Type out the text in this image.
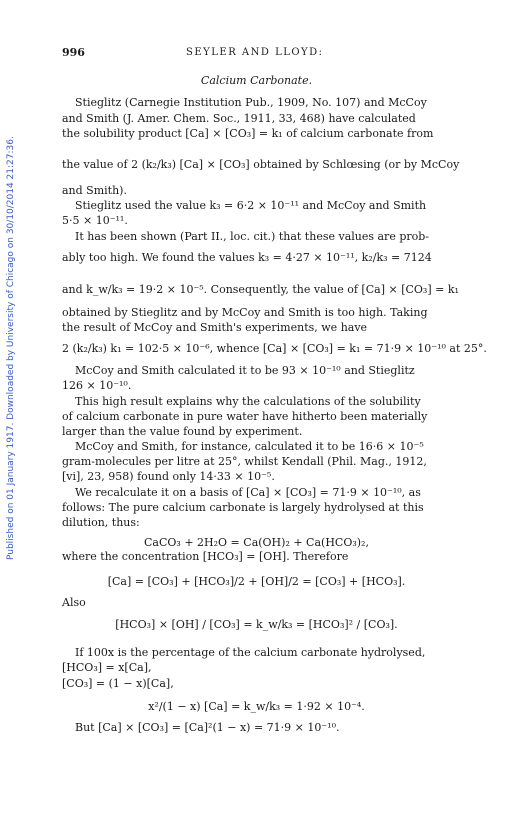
Published on 01 January 1917. Downloaded by University of Chicago on 30/10/2014 21:27:36.
996	SEYLER AND LLOYD:
Calcium Carbonate.
Stieglitz (Carnegie Institution Pub., 1909, No. 107) and McCoy
and Smith (J. Amer. Chem. Soc., 1911, 33, 468) have calculated
the solubility product [Ca] × [CO₃] = k₁ of calcium carbonate from
the value of 2 (k₂/k₃) [Ca] × [CO₃] obtained by Schlœsing (or by McCoy
and Smith).
Stieglitz used the value k₃ = 6·2 × 10⁻¹¹ and McCoy and Smith
5·5 × 10⁻¹¹.
It has been shown (Part II., loc. cit.) that these values are prob-
ably too high. We found the values k₃ = 4·27 × 10⁻¹¹, k₂/k₃ = 7124
and k_w/k₃ = 19·2 × 10⁻⁵. Consequently, the value of [Ca] × [CO₃] = k₁
obtained by Stieglitz and by McCoy and Smith is too high. Taking
the result of McCoy and Smith's experiments, we have
2 (k₂/k₃) k₁ = 102·5 × 10⁻⁶, whence [Ca] × [CO₃] = k₁ = 71·9 × 10⁻¹⁰ at 25°.
McCoy and Smith calculated it to be 93 × 10⁻¹⁰ and Stieglitz
126 × 10⁻¹⁰.
This high result explains why the calculations of the solubility
of calcium carbonate in pure water have hitherto been materially
larger than the value found by experiment.
McCoy and Smith, for instance, calculated it to be 16·6 × 10⁻⁵
gram-molecules per litre at 25°, whilst Kendall (Phil. Mag., 1912,
[vi], 23, 958) found only 14·33 × 10⁻⁵.
We recalculate it on a basis of [Ca] × [CO₃] = 71·9 × 10⁻¹⁰, as
follows: The pure calcium carbonate is largely hydrolysed at this
dilution, thus:
CaCO₃ + 2H₂O = Ca(OH)₂ + Ca(HCO₃)₂,
where the concentration [HCO₃] = [OH]. Therefore
[Ca] = [CO₃] + [HCO₃]/2 + [OH]/2 = [CO₃] + [HCO₃].
Also
[HCO₃] × [OH] / [CO₃] = k_w/k₃ = [HCO₃]² / [CO₃].
If 100x is the percentage of the calcium carbonate hydrolysed,
[HCO₃] = x[Ca],
[CO₃] = (1 − x)[Ca],
x²/(1 − x) [Ca] = k_w/k₃ = 1·92 × 10⁻⁴.
But [Ca] × [CO₃] = [Ca]²(1 − x) = 71·9 × 10⁻¹⁰.
